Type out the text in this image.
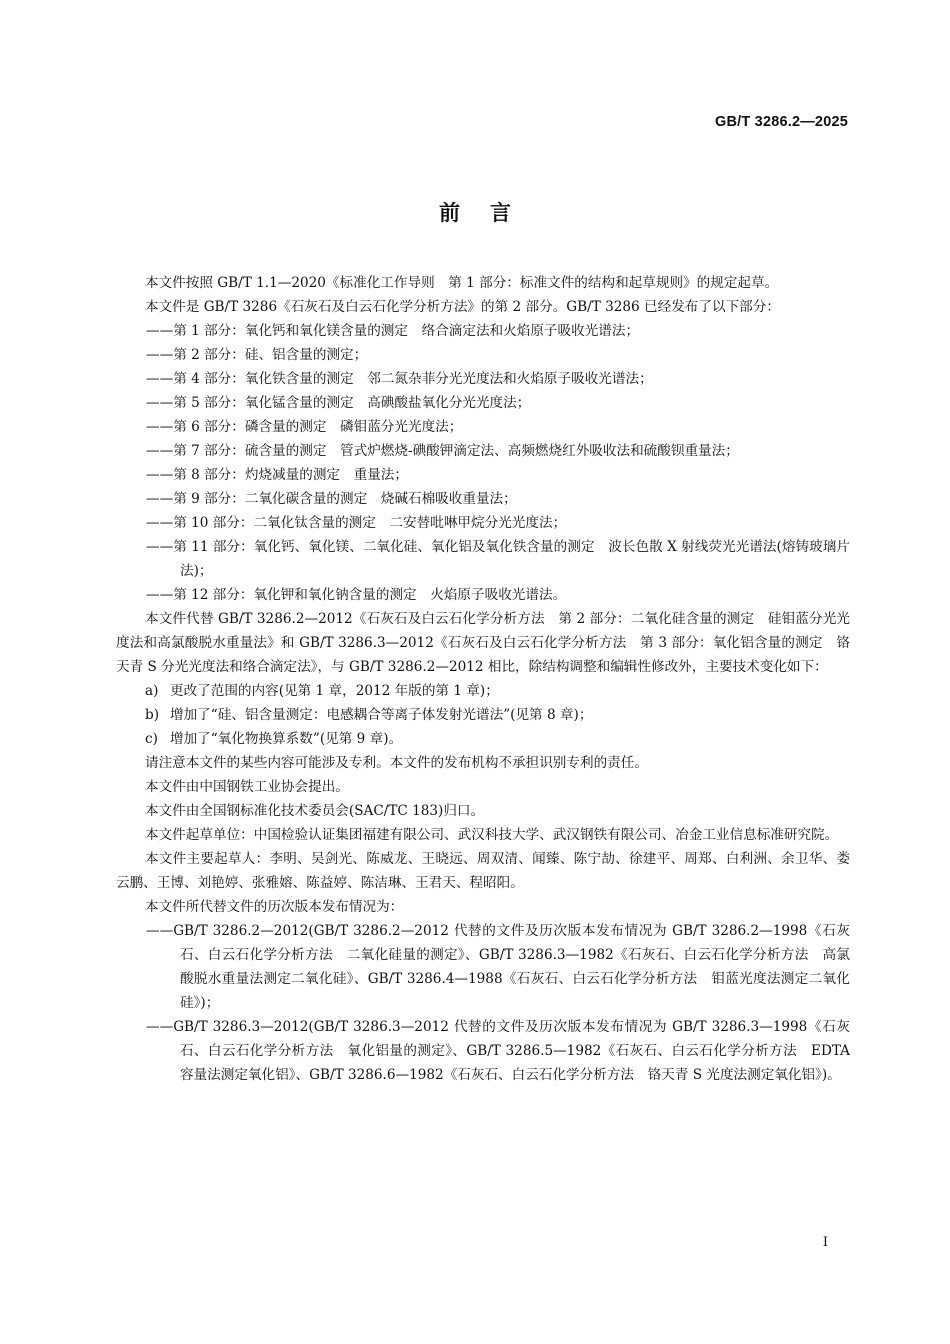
GB/T 3286.2—2025
前言

本文件按照 GB/T 1.1—2020《标准化工作导则　第 1 部分：标准文件的结构和起草规则》的规定起草。

本文件是 GB/T 3286《石灰石及白云石化学分析方法》的第 2 部分。GB/T 3286 已经发布了以下部分：

——第 1 部分：氧化钙和氧化镁含量的测定　络合滴定法和火焰原子吸收光谱法；

——第 2 部分：硅、铝含量的测定；

——第 4 部分：氧化铁含量的测定　邻二氮杂菲分光光度法和火焰原子吸收光谱法；

——第 5 部分：氧化锰含量的测定　高碘酸盐氧化分光光度法；

——第 6 部分：磷含量的测定　磷钼蓝分光光度法；

——第 7 部分：硫含量的测定　管式炉燃烧-碘酸钾滴定法、高频燃烧红外吸收法和硫酸钡重量法；

——第 8 部分：灼烧减量的测定　重量法；

——第 9 部分：二氧化碳含量的测定　烧碱石棉吸收重量法；

——第 10 部分：二氧化钛含量的测定　二安替吡啉甲烷分光光度法；

——第 11 部分：氧化钙、氧化镁、二氧化硅、氧化铝及氧化铁含量的测定　波长色散 X 射线荧光光谱法(熔铸玻璃片法)；

——第 12 部分：氧化钾和氧化钠含量的测定　火焰原子吸收光谱法。

本文件代替 GB/T 3286.2—2012《石灰石及白云石化学分析方法　第 2 部分：二氧化硅含量的测定　硅钼蓝分光光度法和高氯酸脱水重量法》和 GB/T 3286.3—2012《石灰石及白云石化学分析方法　第 3 部分：氧化铝含量的测定　铬天青 S 分光光度法和络合滴定法》，与 GB/T 3286.2—2012 相比，除结构调整和编辑性修改外，主要技术变化如下：

a) 更改了范围的内容(见第 1 章，2012 年版的第 1 章)；

b) 增加了“硅、铝含量测定：电感耦合等离子体发射光谱法”(见第 8 章)；

c) 增加了“氧化物换算系数”(见第 9 章)。

请注意本文件的某些内容可能涉及专利。本文件的发布机构不承担识别专利的责任。

本文件由中国钢铁工业协会提出。

本文件由全国钢标准化技术委员会(SAC/TC 183)归口。

本文件起草单位：中国检验认证集团福建有限公司、武汉科技大学、武汉钢铁有限公司、冶金工业信息标准研究院。

本文件主要起草人：李明、吴剑光、陈威龙、王晓远、周双清、闻臻、陈宁劼、徐建平、周郑、白利洲、余卫华、娄云鹏、王博、刘艳婷、张雅嫆、陈益婷、陈洁琳、王君天、程昭阳。

本文件所代替文件的历次版本发布情况为：

——GB/T 3286.2—2012(GB/T 3286.2—2012 代替的文件及历次版本发布情况为 GB/T 3286.2—1998《石灰石、白云石化学分析方法　二氧化硅量的测定》、GB/T 3286.3—1982《石灰石、白云石化学分析方法　高氯酸脱水重量法测定二氧化硅》、GB/T 3286.4—1988《石灰石、白云石化学分析方法　钼蓝光度法测定二氧化硅》)；

——GB/T 3286.3—2012(GB/T 3286.3—2012 代替的文件及历次版本发布情况为 GB/T 3286.3—1998《石灰石、白云石化学分析方法　氧化铝量的测定》、GB/T 3286.5—1982《石灰石、白云石化学分析方法　EDTA 容量法测定氧化铝》、GB/T 3286.6—1982《石灰石、白云石化学分析方法　铬天青 S 光度法测定氧化铝》)。

Ⅰ
